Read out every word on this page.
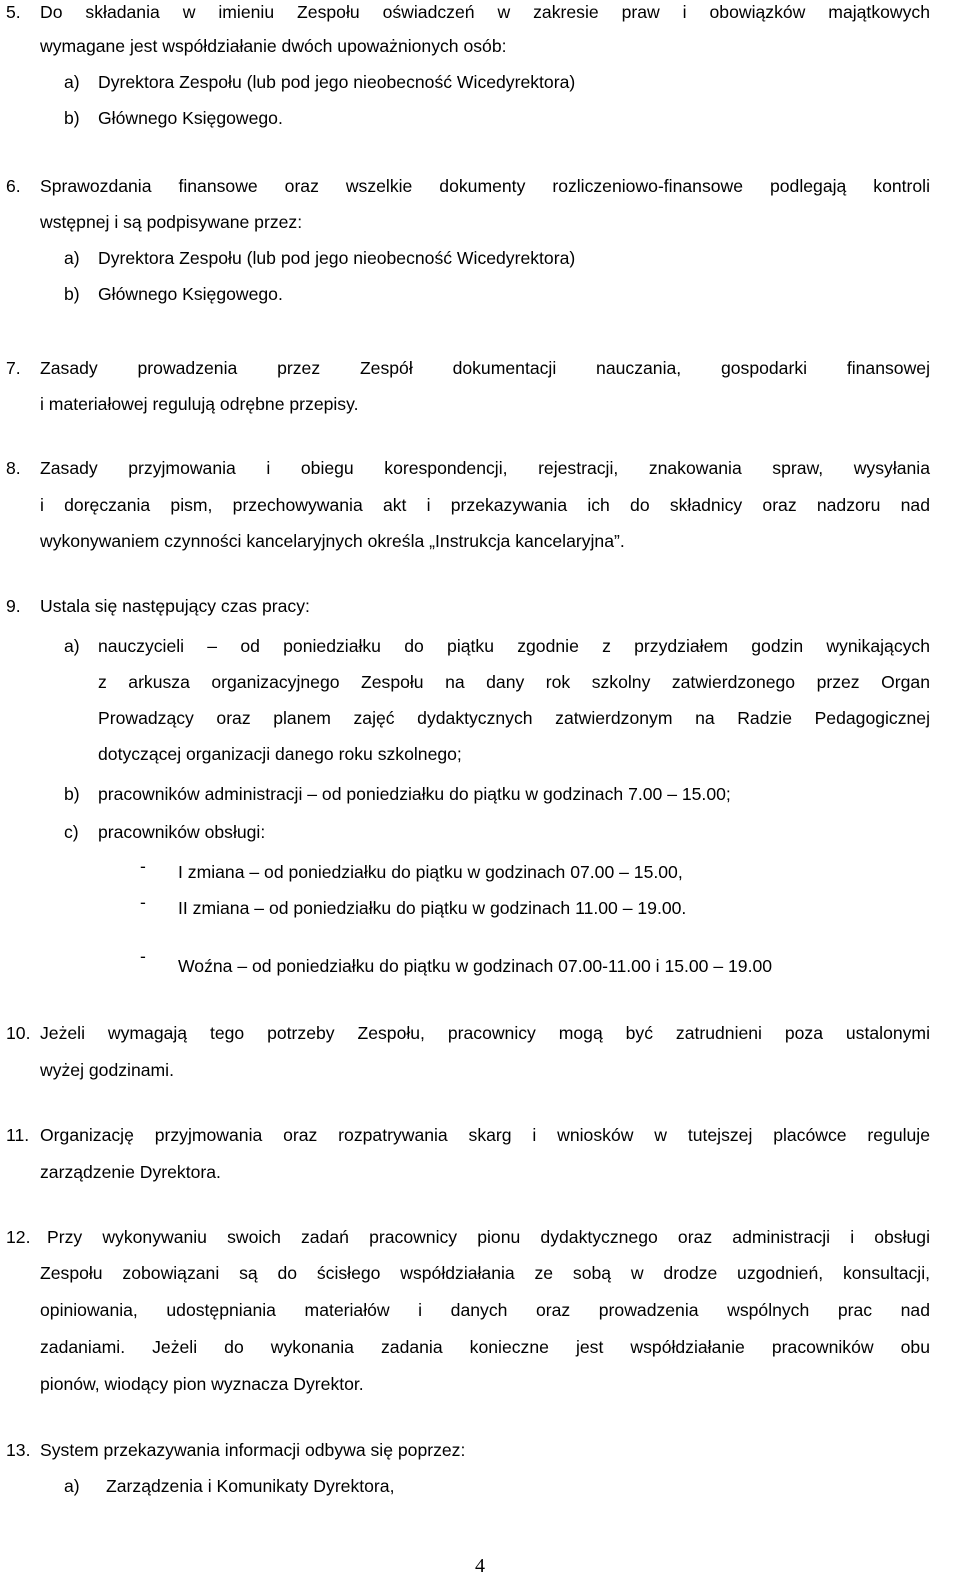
5. Do składania w imieniu Zespołu oświadczeń w zakresie praw i obowiązków majątkowych
wymagane jest współdziałanie dwóch upoważnionych osób:
a) Dyrektora Zespołu (lub pod jego nieobecność Wicedyrektora)
b) Głównego Księgowego.
6. Sprawozdania finansowe oraz wszelkie dokumenty rozliczeniowo-finansowe podlegają kontroli
wstępnej i są podpisywane przez:
a) Dyrektora Zespołu (lub pod jego nieobecność Wicedyrektora)
b) Głównego Księgowego.
7. Zasady prowadzenia przez Zespół dokumentacji nauczania, gospodarki finansowej
i materiałowej regulują odrębne przepisy.
8. Zasady przyjmowania i obiegu korespondencji, rejestracji, znakowania spraw, wysyłania
i doręczania pism, przechowywania akt i przekazywania ich do składnicy oraz nadzoru nad
wykonywaniem czynności kancelaryjnych określa „Instrukcja kancelaryjna”.
9. Ustala się następujący czas pracy:
a) nauczycieli – od poniedziałku do piątku zgodnie z przydziałem godzin wynikających
z arkusza organizacyjnego Zespołu na dany rok szkolny zatwierdzonego przez Organ
Prowadzący oraz planem zajęć dydaktycznych zatwierdzonym na Radzie Pedagogicznej
dotyczącej organizacji danego roku szkolnego;
b) pracowników administracji – od poniedziałku do piątku w godzinach 7.00 – 15.00;
c) pracowników obsługi:
- I zmiana – od poniedziałku do piątku w godzinach 07.00 – 15.00,
- II zmiana – od poniedziałku do piątku w godzinach 11.00 – 19.00.
- Woźna – od poniedziałku do piątku w godzinach 07.00-11.00 i 15.00 – 19.00
10. Jeżeli wymagają tego potrzeby Zespołu, pracownicy mogą być zatrudnieni poza ustalonymi
wyżej godzinami.
11. Organizację przyjmowania oraz rozpatrywania skarg i wniosków w tutejszej placówce reguluje
zarządzenie Dyrektora.
12. Przy wykonywaniu swoich zadań pracownicy pionu dydaktycznego oraz administracji i obsługi
Zespołu zobowiązani są do ścisłego współdziałania ze sobą w drodze uzgodnień, konsultacji,
opiniowania, udostępniania materiałów i danych oraz prowadzenia wspólnych prac nad
zadaniami. Jeżeli do wykonania zadania konieczne jest współdziałanie pracowników obu
pionów, wiodący pion wyznacza Dyrektor.
13. System przekazywania informacji odbywa się poprzez:
a) Zarządzenia i Komunikaty Dyrektora,
4
